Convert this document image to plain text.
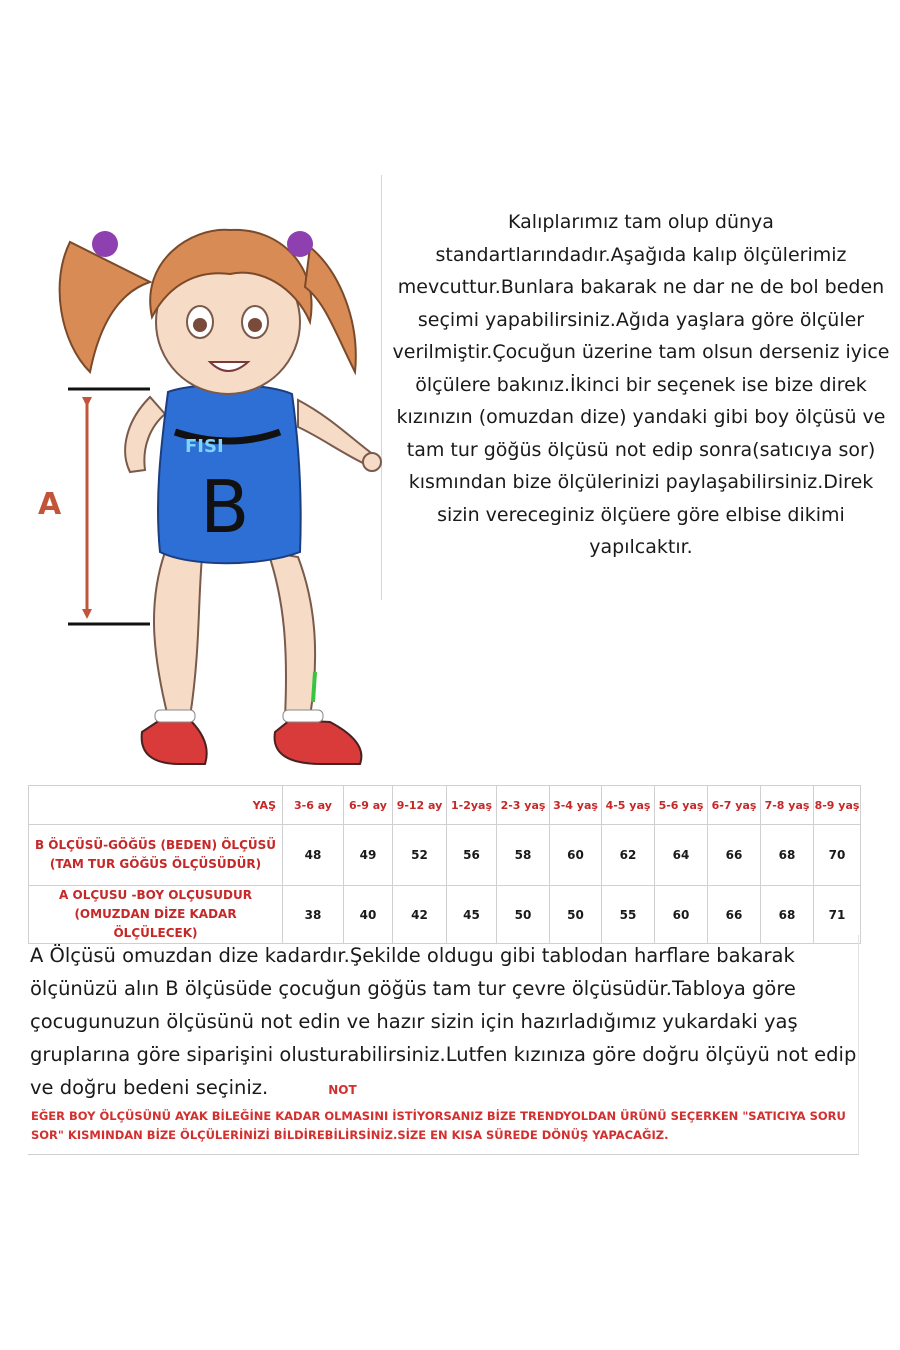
FISI
B
A

Kalıplarımız tam olup dünya standartlarındadır.Aşağıda kalıp ölçülerimiz mevcuttur.Bunlara bakarak ne dar ne de bol beden seçimi yapabilirsiniz.Ağıda yaşlara göre ölçüler verilmiştir.Çocuğun üzerine tam olsun derseniz iyice ölçülere bakınız.İkinci bir seçenek ise bize direk kızınızın (omuzdan dize) yandaki gibi boy ölçüsü ve tam tur göğüs ölçüsü not edip sonra(satıcıya sor) kısmından bize ölçülerinizi paylaşabilirsiniz.Direk sizin vereceginiz ölçüere göre elbise dikimi yapılcaktır.

YAŞ	3-6 ay	6-9 ay	9-12 ay	1-2yaş	2-3 yaş	3-4 yaş	4-5 yaş	5-6 yaş	6-7 yaş	7-8 yaş	8-9 yaş
B ÖLÇÜSÜ-GÖĞÜS (BEDEN) ÖLÇÜSÜ
(TAM TUR GÖĞÜS ÖLÇÜSÜDÜR)	48	49	52	56	58	60	62	64	66	68	70
A OLÇUSU -BOY OLÇUSUDUR
(OMUZDAN DİZE KADAR ÖLÇÜLECEK)	38	40	42	45	50	50	55	60	66	68	71

A Ölçüsü omuzdan dize kadardır.Şekilde oldugu gibi tablodan harflare bakarak ölçünüzü alın B ölçüsüde çocuğun göğüs tam tur çevre ölçüsüdür.Tabloya göre çocugunuzun ölçüsünü not edin ve hazır sizin için hazırladığımız yukardaki yaş gruplarına göre siparişini olusturabilirsiniz.Lutfen kızınıza göre doğru ölçüyü not edip ve doğru bedeni seçiniz.	NOT

EĞER BOY ÖLÇÜSÜNÜ AYAK BİLEĞİNE KADAR OLMASINI İSTİYORSANIZ BİZE TRENDYOLDAN ÜRÜNÜ SEÇERKEN "SATICIYA SORU SOR" KISMINDAN BİZE ÖLÇÜLERİNİZİ BİLDİREBİLİRSİNİZ.SİZE EN KISA SÜREDE DÖNÜŞ YAPACAĞIZ.
